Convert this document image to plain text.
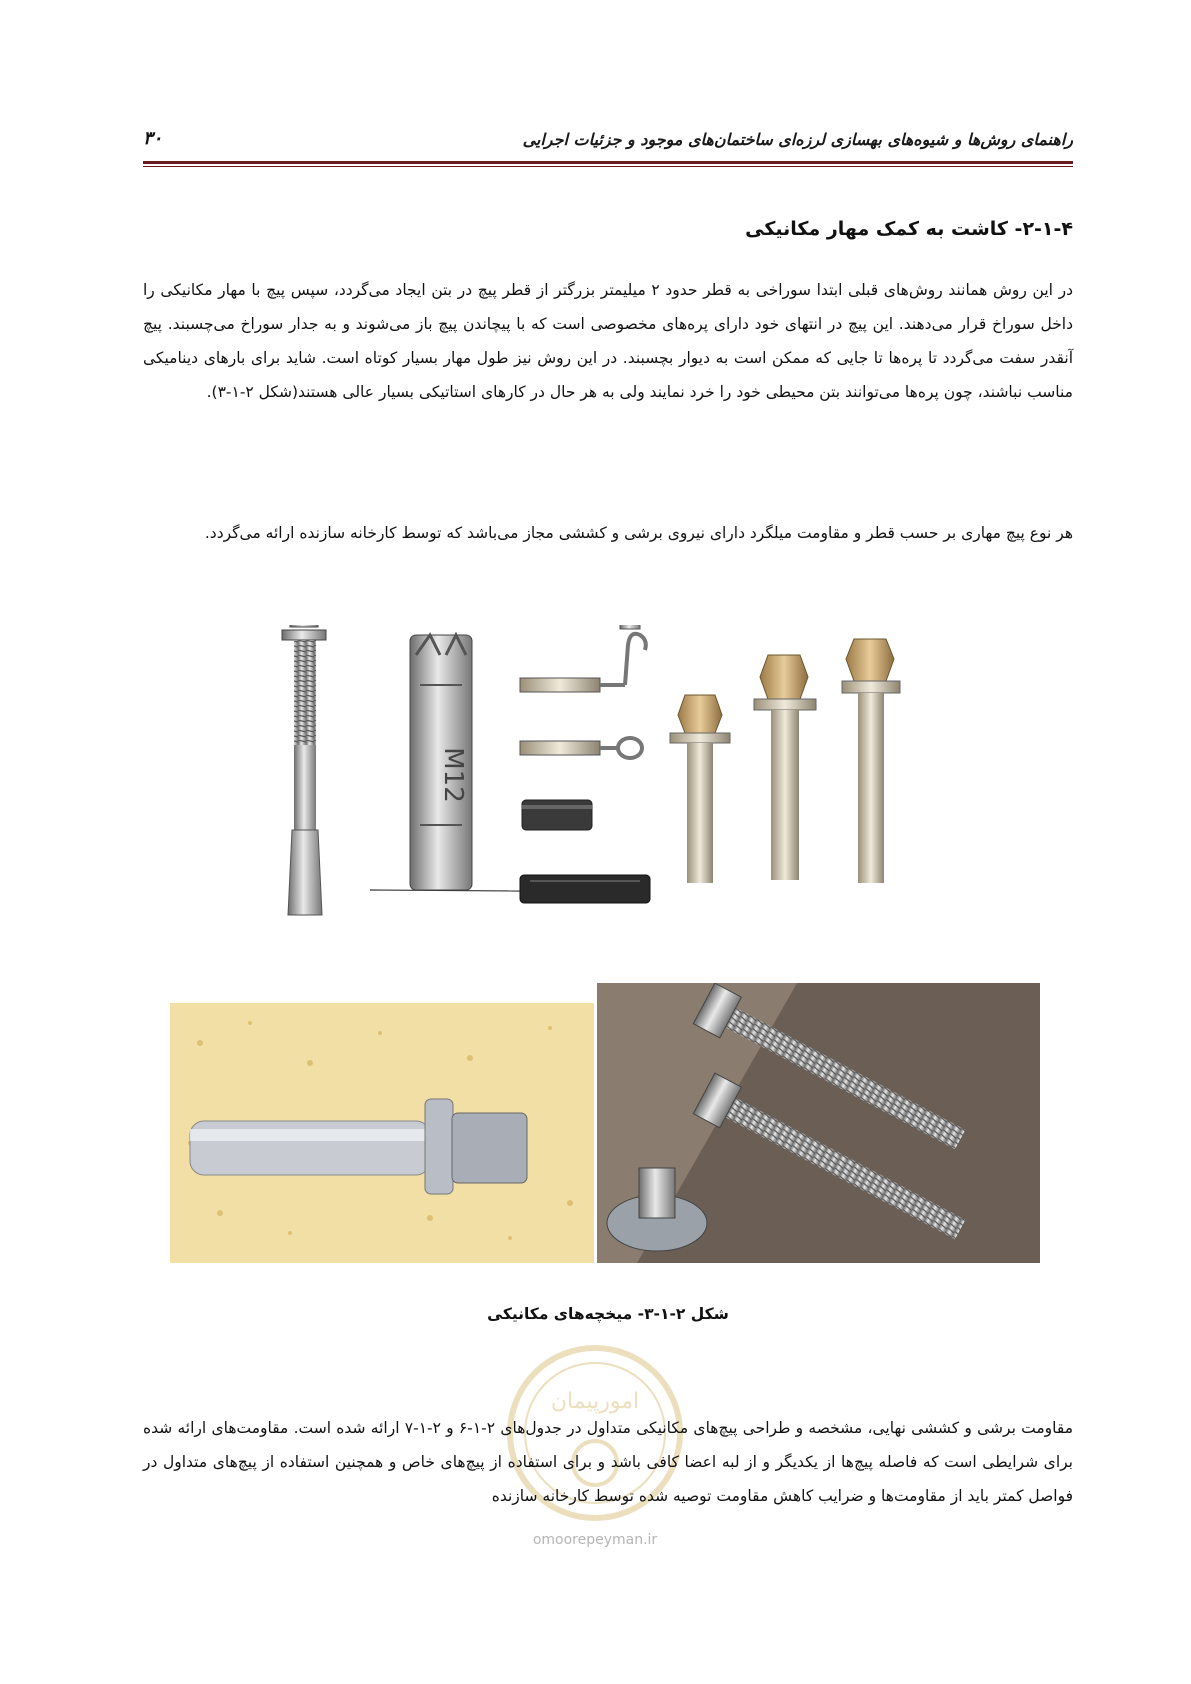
راهنمای روش‌ها و شیوه‌های بهسازی لرزه‌ای ساختمان‌های موجود و جزئیات اجرایی
۳۰
۲-۱-۴- کاشت به کمک مهار مکانیکی

در این روش همانند روش‌های قبلی ابتدا سوراخی به قطر حدود ۲ میلیمتر بزرگتر از قطر پیچ در بتن ایجاد می‌گردد، سپس پیچ با مهار مکانیکی را داخل سوراخ قرار می‌دهند. این پیچ در انتهای خود دارای پره‌های مخصوصی است که با پیچاندن پیچ باز می‌شوند و به جدار سوراخ می‌چسبند. پیچ آنقدر سفت می‌گردد تا پره‌ها تا جایی که ممکن است به دیوار بچسبند. در این روش نیز طول مهار بسیار کوتاه است. شاید برای بارهای دینامیکی مناسب نباشند، چون پره‌ها می‌توانند بتن محیطی خود را خرد نمایند ولی به هر حال در کارهای استاتیکی بسیار عالی هستند(شکل ۲-۱-۳).

هر نوع پیچ مهاری بر حسب قطر و مقاومت میلگرد دارای نیروی برشی و کششی مجاز می‌باشد که توسط کارخانه سازنده ارائه می‌گردد.

M12
شکل ۲-۱-۳- میخچه‌های مکانیکی
امورپیمان

مقاومت برشی و کششی نهایی، مشخصه و طراحی پیچ‌های مکانیکی متداول در جدول‌های ۲-۱-۶ و ۲-۱-۷ ارائه شده است. مقاومت‌های ارائه شده برای شرایطی است که فاصله پیچ‌ها از یکدیگر و از لبه اعضا کافی باشد و برای استفاده از پیچ‌های خاص و همچنین استفاده از پیچ‌های متداول در فواصل کمتر باید از مقاومت‌ها و ضرایب کاهش مقاومت توصیه شده توسط کارخانه سازنده

omoorepeyman.ir
